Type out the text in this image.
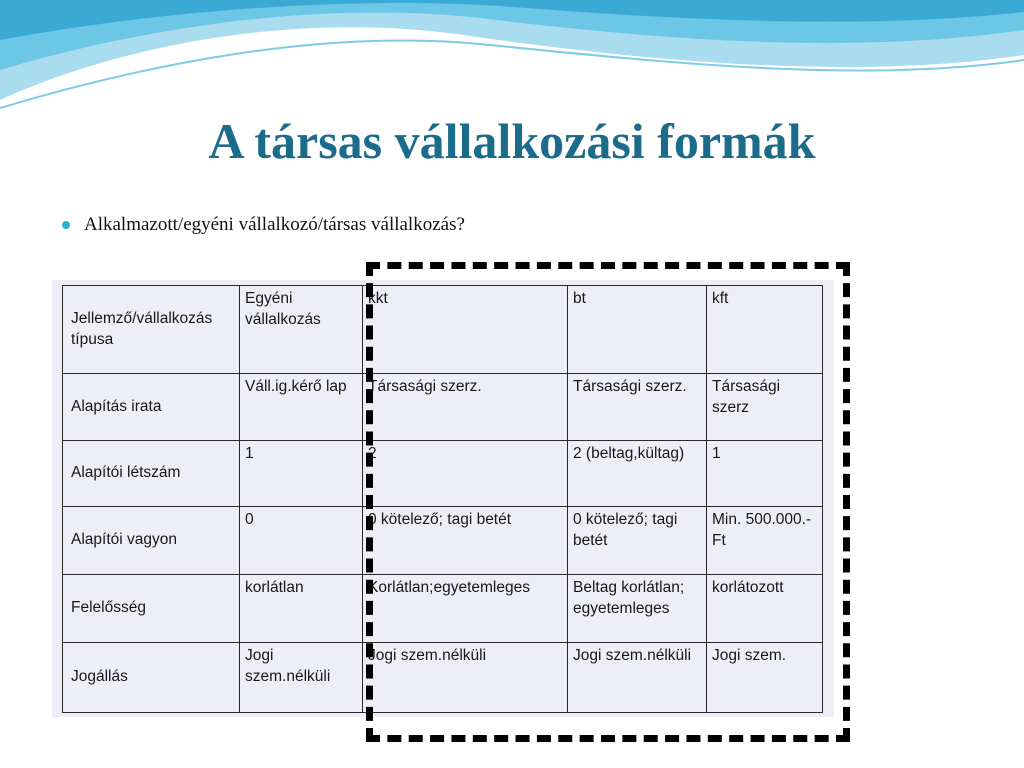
A társas vállalkozási formák
Alkalmazott/egyéni vállalkozó/társas vállalkozás?
Jellemző/vállalkozás típusa	Egyéni vállalkozás	kkt	bt	kft
Alapítás irata	Váll.ig.kérő lap	Társasági szerz.	Társasági szerz.	Társasági szerz
Alapítói létszám	1	2	2 (beltag,kültag)	1
Alapítói vagyon	0	0 kötelező; tagi betét	0 kötelező; tagi betét	Min. 500.000.-Ft
Felelősség	korlátlan	Korlátlan;egyetemleges	Beltag korlátlan; egyetemleges	korlátozott
Jogállás	Jogi szem.nélküli	Jogi szem.nélküli	Jogi szem.nélküli	Jogi szem.
